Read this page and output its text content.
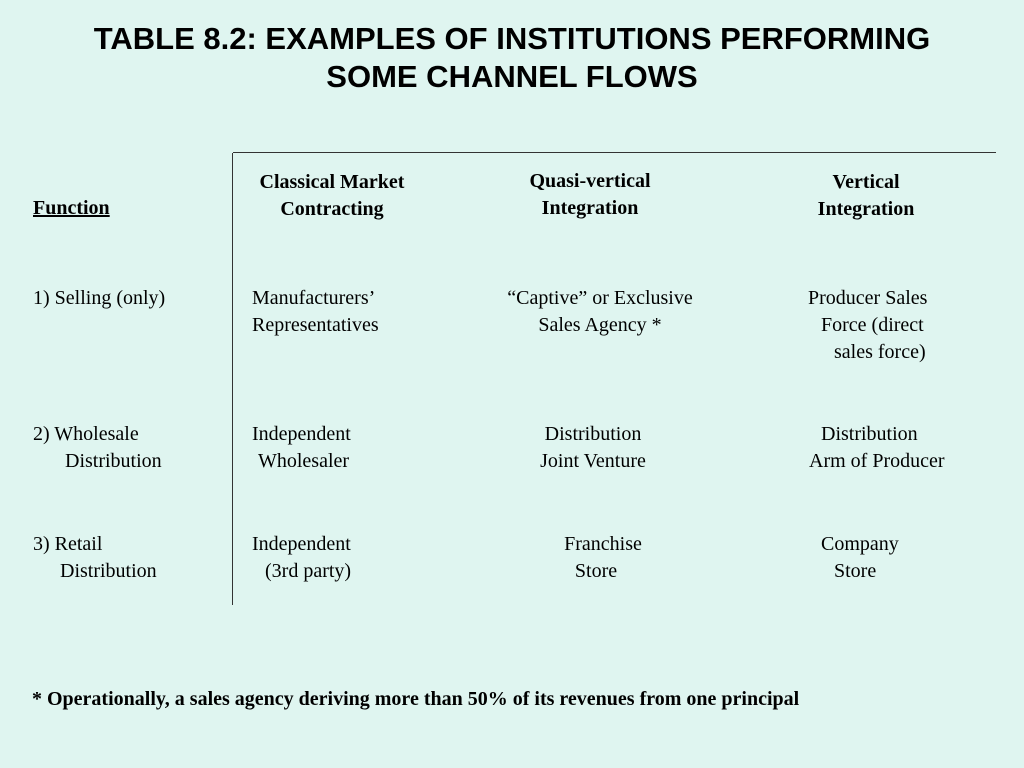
TABLE 8.2: EXAMPLES OF INSTITUTIONS PERFORMING
SOME CHANNEL FLOWS
Function
Classical Market
Contracting
Quasi-vertical
Integration
Vertical
Integration
1) Selling (only)	Manufacturers’
Representatives
“Captive” or Exclusive
Sales Agency *
Producer Sales
Force (direct
sales force)
2) Wholesale
Distribution
Independent
Wholesaler
Distribution
Joint Venture
Distribution
Arm of Producer
3) Retail
Distribution
Independent
(3rd party)
Franchise
Store
Company
Store
* Operationally, a sales agency deriving more than 50% of its revenues from one principal
